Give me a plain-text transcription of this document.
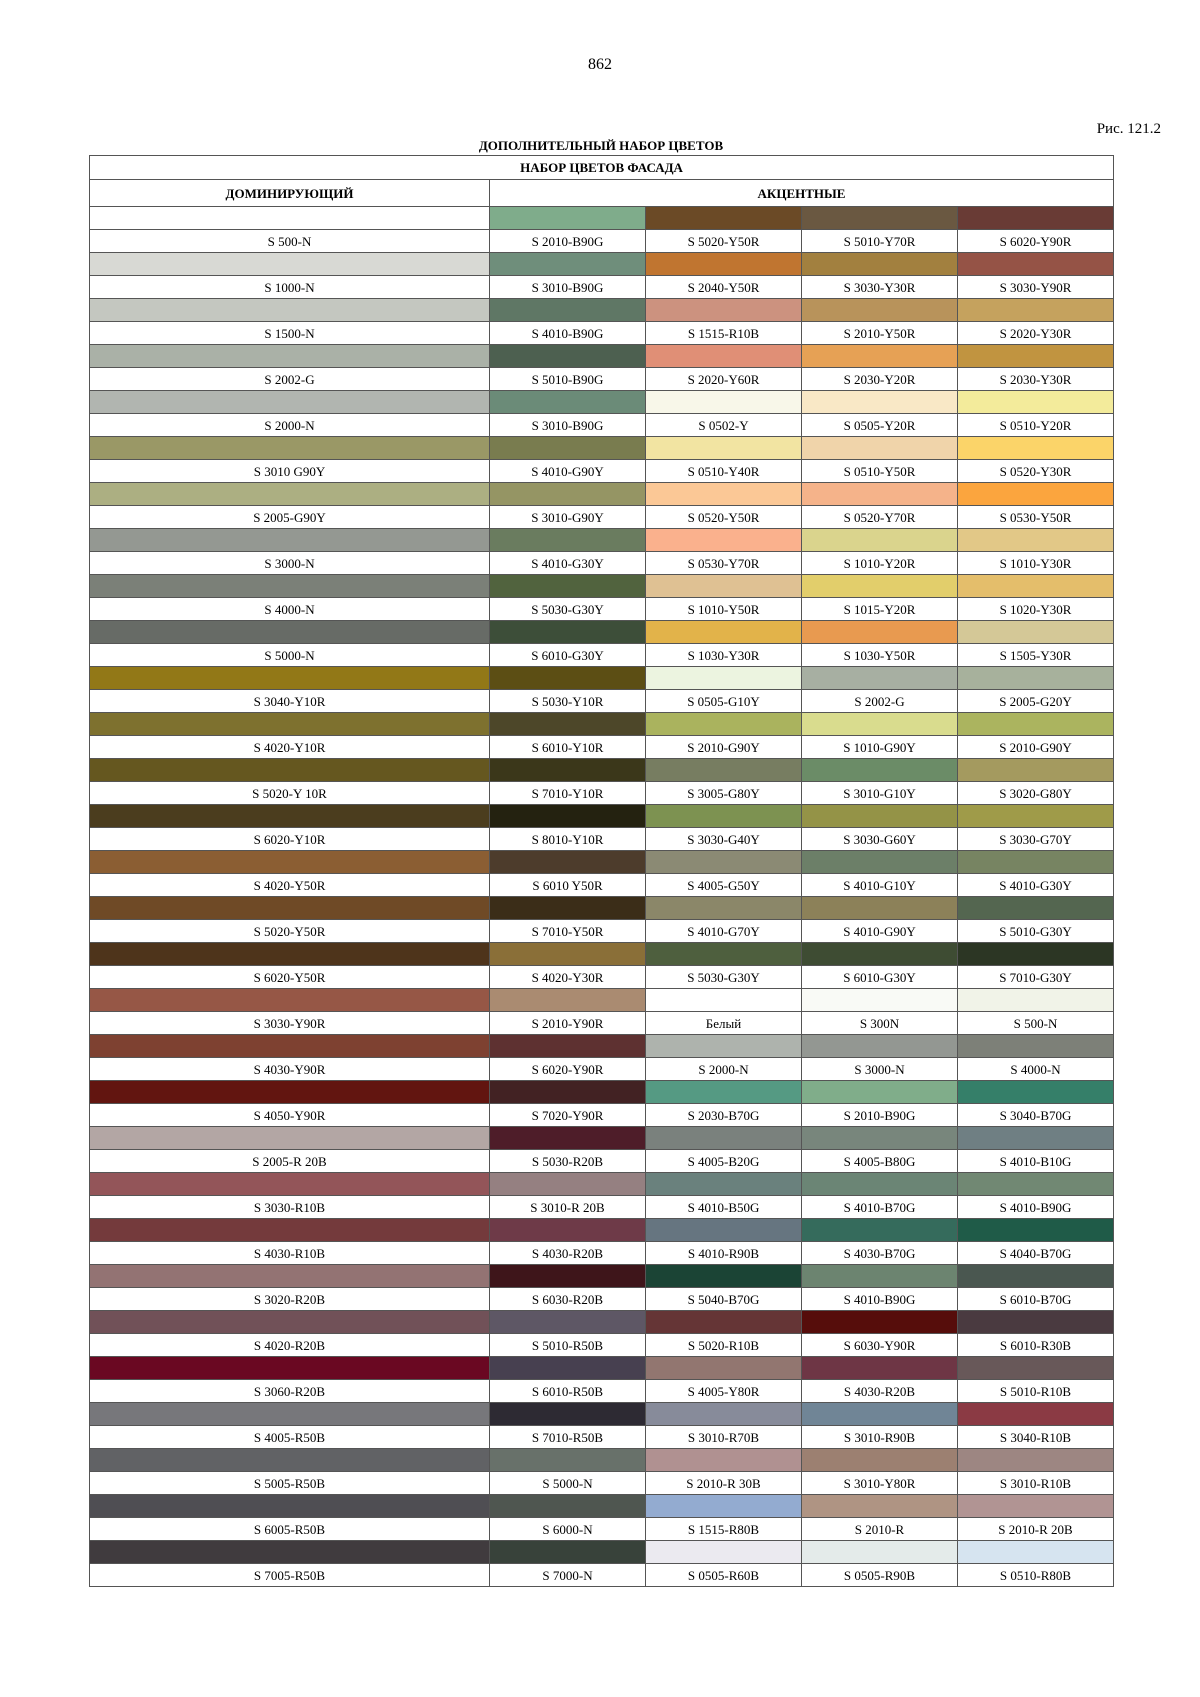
862
Рис. 121.2
ДОПОЛНИТЕЛЬНЫЙ НАБОР ЦВЕТОВ
НАБОР ЦВЕТОВ ФАСАДА				
ДОМИНИРУЮЩИЙ	АКЦЕНТНЫЕ			

S 500-N	S 2010-B90G	S 5020-Y50R	S 5010-Y70R	S 6020-Y90R

S 1000-N	S 3010-B90G	S 2040-Y50R	S 3030-Y30R	S 3030-Y90R

S 1500-N	S 4010-B90G	S 1515-R10B	S 2010-Y50R	S 2020-Y30R

S 2002-G	S 5010-B90G	S 2020-Y60R	S 2030-Y20R	S 2030-Y30R

S 2000-N	S 3010-B90G	S 0502-Y	S 0505-Y20R	S 0510-Y20R

S 3010 G90Y	S 4010-G90Y	S 0510-Y40R	S 0510-Y50R	S 0520-Y30R

S 2005-G90Y	S 3010-G90Y	S 0520-Y50R	S 0520-Y70R	S 0530-Y50R

S 3000-N	S 4010-G30Y	S 0530-Y70R	S 1010-Y20R	S 1010-Y30R

S 4000-N	S 5030-G30Y	S 1010-Y50R	S 1015-Y20R	S 1020-Y30R

S 5000-N	S 6010-G30Y	S 1030-Y30R	S 1030-Y50R	S 1505-Y30R

S 3040-Y10R	S 5030-Y10R	S 0505-G10Y	S 2002-G	S 2005-G20Y

S 4020-Y10R	S 6010-Y10R	S 2010-G90Y	S 1010-G90Y	S 2010-G90Y

S 5020-Y 10R	S 7010-Y10R	S 3005-G80Y	S 3010-G10Y	S 3020-G80Y

S 6020-Y10R	S 8010-Y10R	S 3030-G40Y	S 3030-G60Y	S 3030-G70Y

S 4020-Y50R	S 6010 Y50R	S 4005-G50Y	S 4010-G10Y	S 4010-G30Y

S 5020-Y50R	S 7010-Y50R	S 4010-G70Y	S 4010-G90Y	S 5010-G30Y

S 6020-Y50R	S 4020-Y30R	S 5030-G30Y	S 6010-G30Y	S 7010-G30Y

S 3030-Y90R	S 2010-Y90R	Белый	S 300N	S 500-N

S 4030-Y90R	S 6020-Y90R	S 2000-N	S 3000-N	S 4000-N

S 4050-Y90R	S 7020-Y90R	S 2030-B70G	S 2010-B90G	S 3040-B70G

S 2005-R 20B	S 5030-R20B	S 4005-B20G	S 4005-B80G	S 4010-B10G

S 3030-R10B	S 3010-R 20B	S 4010-B50G	S 4010-B70G	S 4010-B90G

S 4030-R10B	S 4030-R20B	S 4010-R90B	S 4030-B70G	S 4040-B70G

S 3020-R20B	S 6030-R20B	S 5040-B70G	S 4010-B90G	S 6010-B70G

S 4020-R20B	S 5010-R50B	S 5020-R10B	S 6030-Y90R	S 6010-R30B

S 3060-R20B	S 6010-R50B	S 4005-Y80R	S 4030-R20B	S 5010-R10B

S 4005-R50B	S 7010-R50B	S 3010-R70B	S 3010-R90B	S 3040-R10B

S 5005-R50B	S 5000-N	S 2010-R 30B	S 3010-Y80R	S 3010-R10B

S 6005-R50B	S 6000-N	S 1515-R80B	S 2010-R	S 2010-R 20B

S 7005-R50B	S 7000-N	S 0505-R60B	S 0505-R90B	S 0510-R80B
